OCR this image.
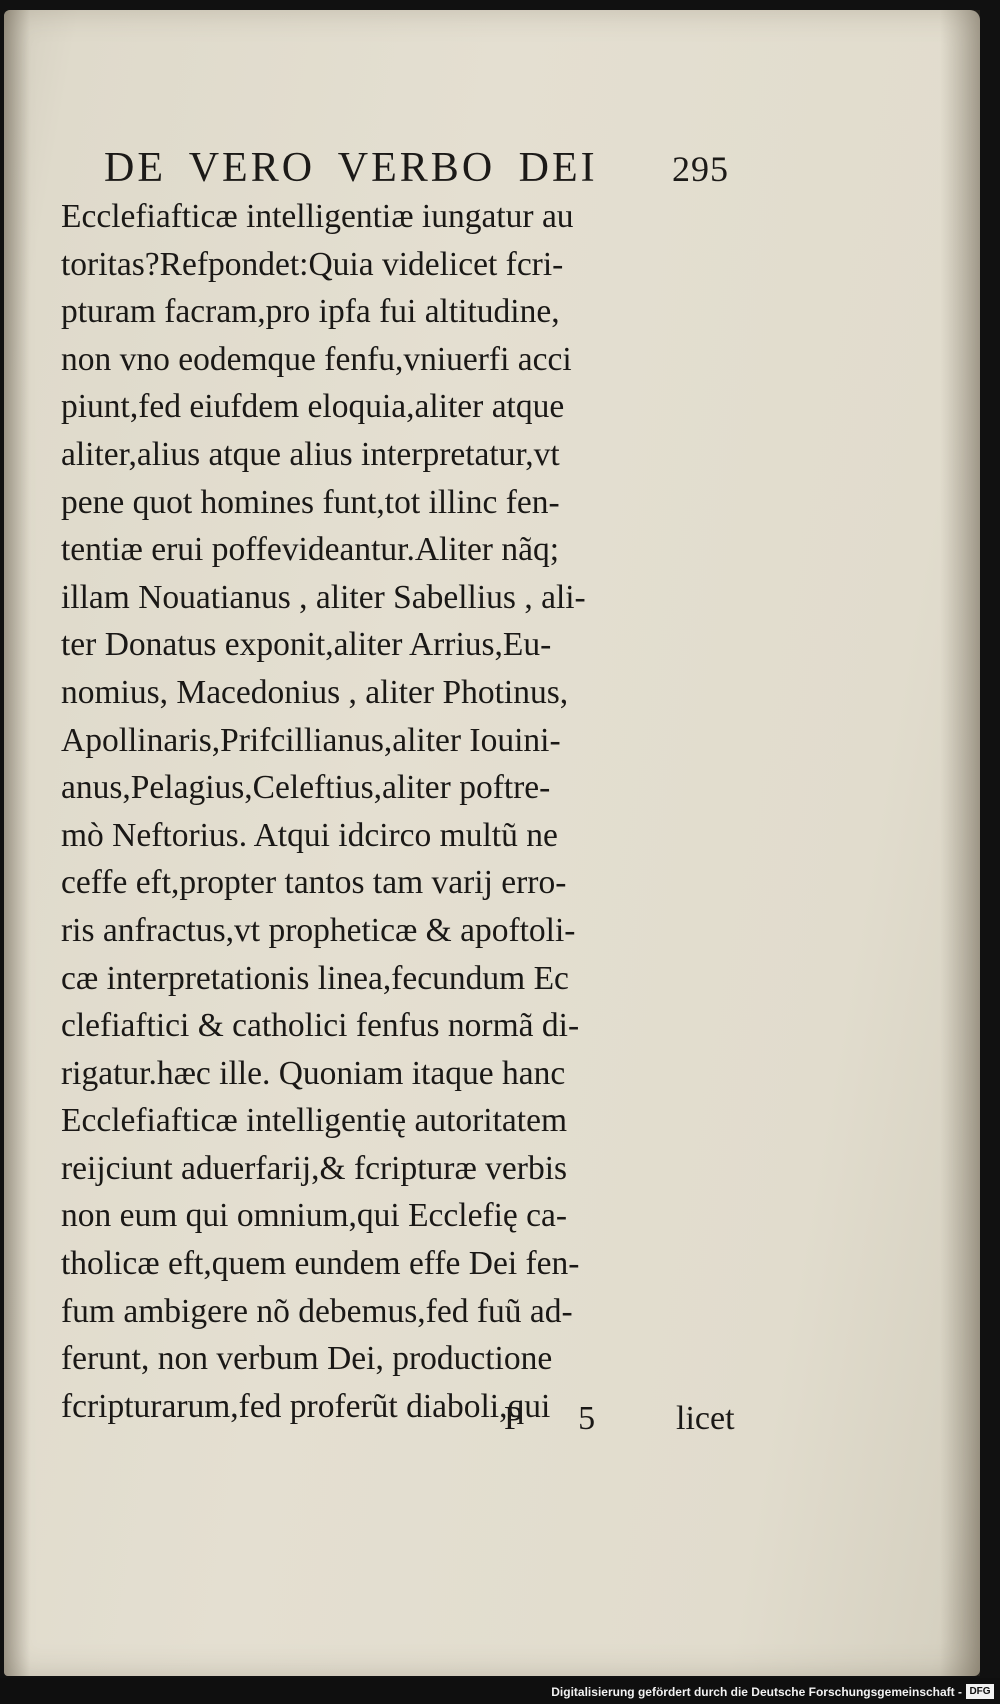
DE VERO VERBO DEI 295
Ecclefiafticæ intelligentiæ iungatur au
toritas?Refpondet:Quia videlicet fcri-
pturam facram,pro ipfa fui altitudine,
non vno eodemque fenfu,vniuerfi acci
piunt,fed eiufdem eloquia,aliter atque
aliter,alius atque alius interpretatur,vt
pene quot homines funt,tot illinc fen-
tentiæ erui poffevideantur.Aliter nãq;
illam Nouatianus , aliter Sabellius , ali-
ter Donatus exponit,aliter Arrius,Eu-
nomius, Macedonius , aliter Photinus,
Apollinaris,Prifcillianus,aliter Iouini-
anus,Pelagius,Celeftius,aliter poftre-
mò Neftorius. Atqui idcirco multũ ne
ceffe eft,propter tantos tam varij erro-
ris anfractus,vt propheticæ & apoftoli-
cæ interpretationis linea,fecundum Ec
clefiaftici & catholici fenfus normã di-
rigatur.hæc ille. Quoniam itaque hanc
Ecclefiafticæ intelligentię autoritatem
reijciunt aduerfarij,& fcripturæ verbis
non eum qui omnium,qui Ecclefię ca-
tholicæ eft,quem eundem effe Dei fen-
fum ambigere nõ debemus,fed fuũ ad-
ferunt, non verbum Dei, productione
fcripturarum,fed proferũt diaboli,qui
P 5 licet
Digitalisierung gefördert durch die Deutsche Forschungsgemeinschaft - DFG
